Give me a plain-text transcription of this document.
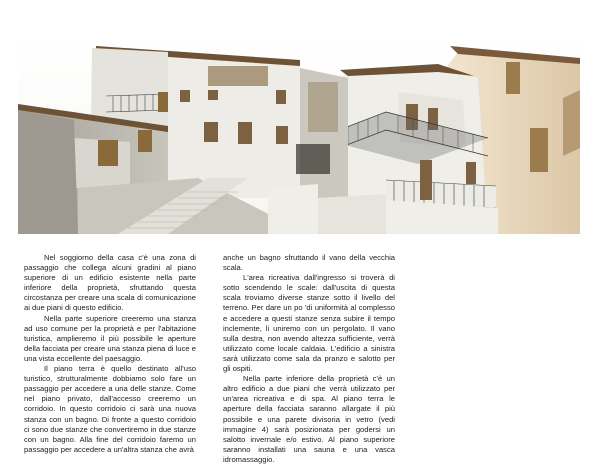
Nel soggiorno della casa c'è una zona di passaggio che collega alcuni gradini al piano superiore di un edificio esistente nella parte inferiore della proprietà, sfruttando questa circostanza per creare una scala di comunicazione ai due piani di questo edificio.

Nella parte superiore creeremo una stanza ad uso comune per la proprietà e per l'abitazione turistica, amplieremo il più possibile le aperture della facciata per creare una stanza piena di luce e una vista eccellente del paesaggio.

Il piano terra è quello destinato all'uso turistico, strutturalmente dobbiamo solo fare un passaggio per accedere a una delle stanze. Come nel piano privato, dall'accesso creeremo un corridoio. In questo corridoio ci sarà una nuova stanza con un bagno. Di fronte a questo corridoio ci sono due stanze che convertiremo in due stanze con un bagno. Alla fine del corridoio faremo un passaggio per accedere a un'altra stanza che avrà

anche un bagno sfruttando il vano della vecchia scala.

L'area ricreativa dall'ingresso si troverà di sotto scendendo le scale: dall'uscita di questa scala troviamo diverse stanze sotto il livello del terreno. Per dare un po 'di uniformità al complesso e accedere a questi stanze senza subire il tempo inclemente, li uniremo con un pergolato. Il vano sulla destra, non avendo altezza sufficiente, verrà utilizzato come locale caldaia. L'edificio a sinistra sarà utilizzato come sala da pranzo e salotto per gli ospiti.

Nella parte inferiore della proprietà c'è un altro edificio a due piani che verrà utilizzato per un'area ricreativa e di spa. Al piano terra le aperture della facciata saranno allargate il più possibile e una parete divisoria in vetro (vedi immagine 4) sarà posizionata per godersi un salotto invernale e/o estivo. Al piano superiore saranno installati una sauna e una vasca idromassaggio.
